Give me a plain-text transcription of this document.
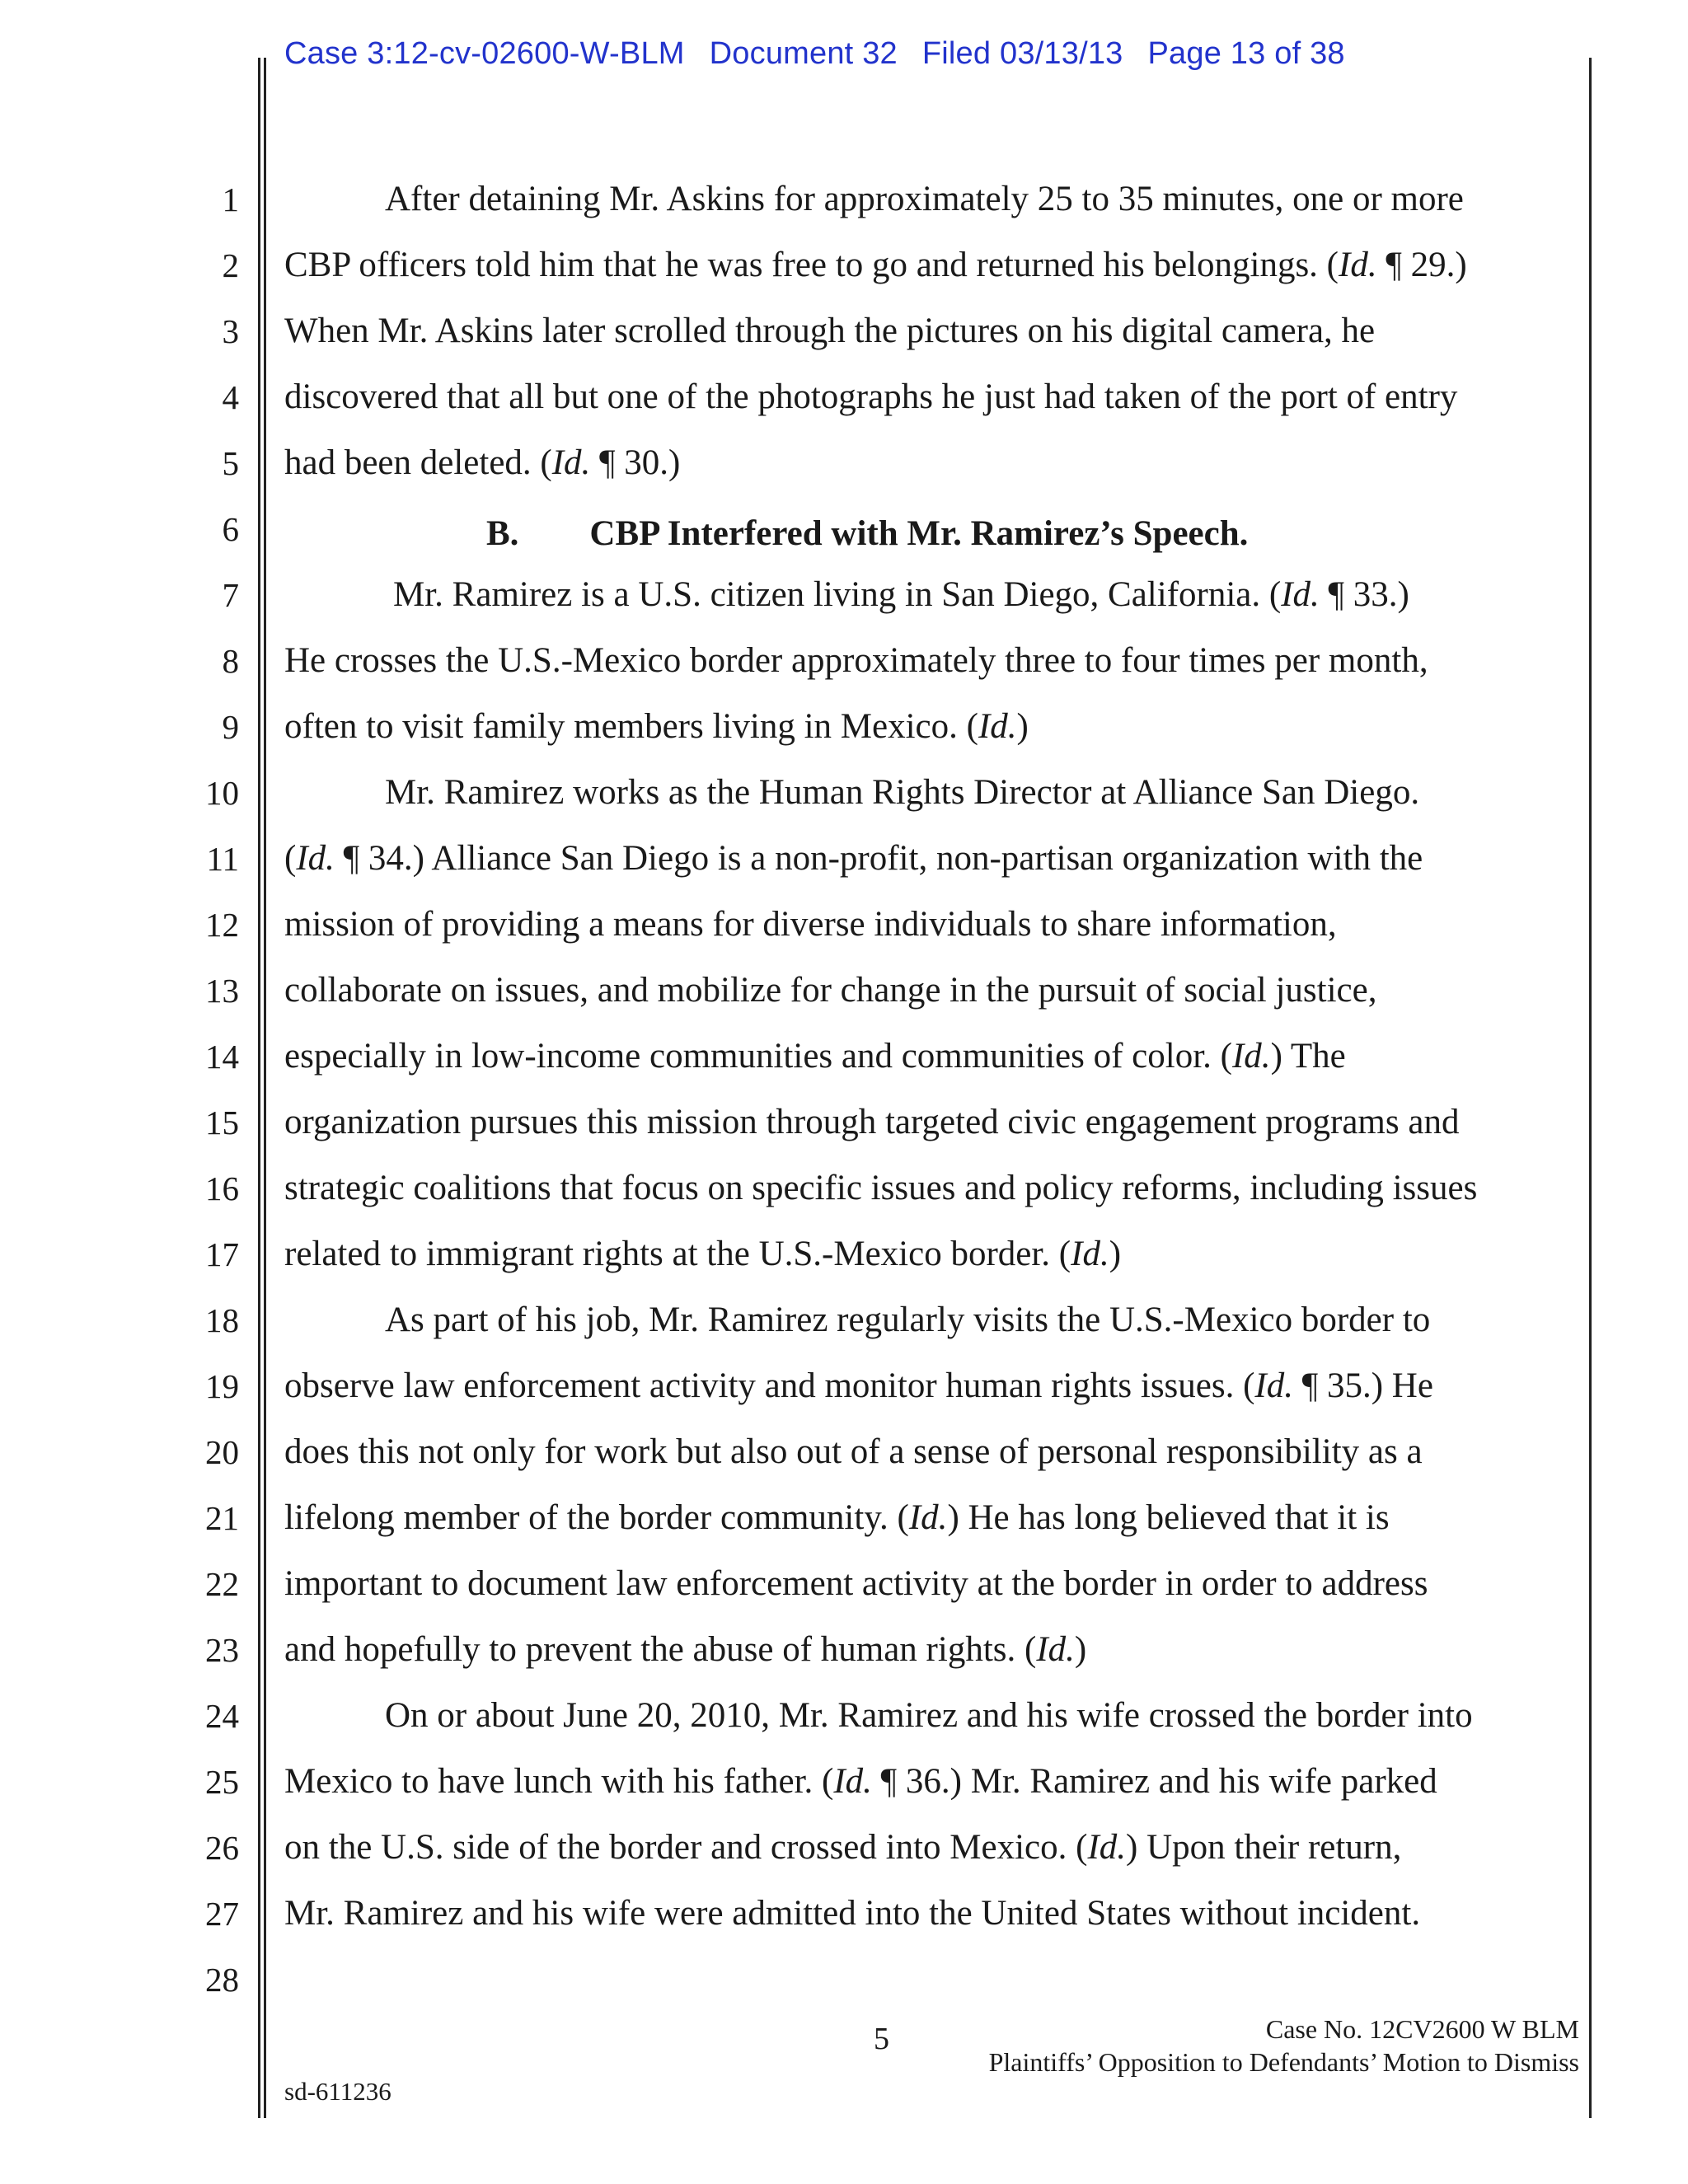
Case 3:12-cv-02600-W-BLM Document 32 Filed 03/13/13 Page 13 of 38
1
2
3
4
5
6
7
8
9
10
11
12
13
14
15
16
17
18
19
20
21
22
23
24
25
26
27
28
After detaining Mr. Askins for approximately 25 to 35 minutes, one or more
CBP officers told him that he was free to go and returned his belongings. (Id. ¶ 29.)
When Mr. Askins later scrolled through the pictures on his digital camera, he
discovered that all but one of the photographs he just had taken of the port of entry
had been deleted. (Id. ¶ 30.)
B.        CBP Interfered with Mr. Ramirez’s Speech.
Mr. Ramirez is a U.S. citizen living in San Diego, California. (Id. ¶ 33.)
He crosses the U.S.-Mexico border approximately three to four times per month,
often to visit family members living in Mexico. (Id.)
Mr. Ramirez works as the Human Rights Director at Alliance San Diego.
(Id. ¶ 34.) Alliance San Diego is a non-profit, non-partisan organization with the
mission of providing a means for diverse individuals to share information,
collaborate on issues, and mobilize for change in the pursuit of social justice,
especially in low-income communities and communities of color. (Id.) The
organization pursues this mission through targeted civic engagement programs and
strategic coalitions that focus on specific issues and policy reforms, including issues
related to immigrant rights at the U.S.-Mexico border. (Id.)
As part of his job, Mr. Ramirez regularly visits the U.S.-Mexico border to
observe law enforcement activity and monitor human rights issues. (Id. ¶ 35.) He
does this not only for work but also out of a sense of personal responsibility as a
lifelong member of the border community. (Id.) He has long believed that it is
important to document law enforcement activity at the border in order to address
and hopefully to prevent the abuse of human rights. (Id.)
On or about June 20, 2010, Mr. Ramirez and his wife crossed the border into
Mexico to have lunch with his father. (Id. ¶ 36.) Mr. Ramirez and his wife parked
on the U.S. side of the border and crossed into Mexico. (Id.) Upon their return,
Mr. Ramirez and his wife were admitted into the United States without incident.
5	Case No. 12CV2600 W BLM
Plaintiffs’ Opposition to Defendants’ Motion to Dismiss
sd-611236
